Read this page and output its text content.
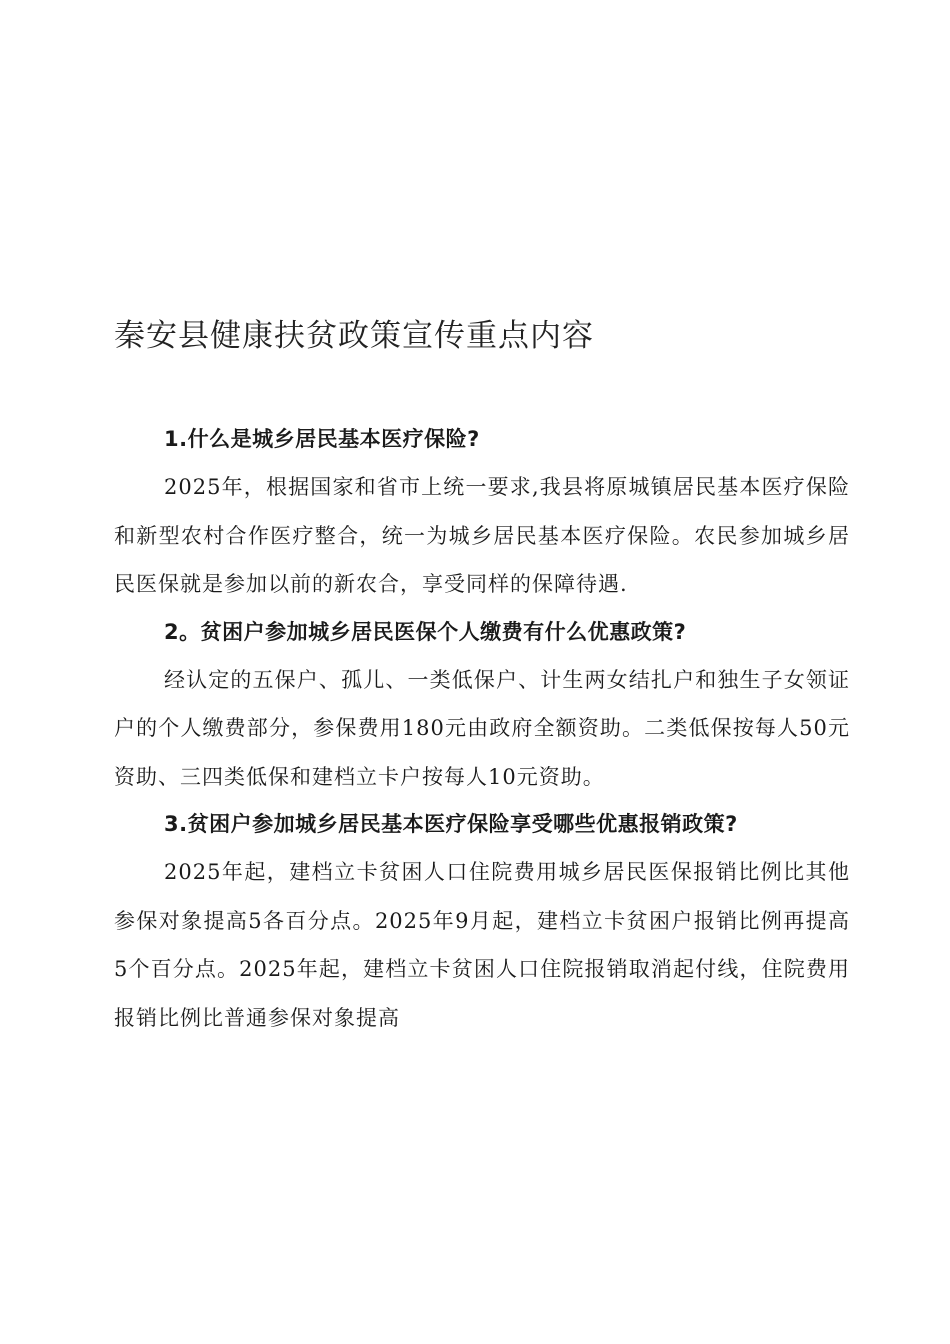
秦安县健康扶贫政策宣传重点内容

1.什么是城乡居民基本医疗保险?

2025年，根据国家和省市上统一要求,我县将原城镇居民基本医疗保险和新型农村合作医疗整合，统一为城乡居民基本医疗保险。农民参加城乡居民医保就是参加以前的新农合，享受同样的保障待遇.

2。贫困户参加城乡居民医保个人缴费有什么优惠政策?

经认定的五保户、孤儿、一类低保户、计生两女结扎户和独生子女领证户的个人缴费部分，参保费用180元由政府全额资助。二类低保按每人50元资助、三四类低保和建档立卡户按每人10元资助。

3.贫困户参加城乡居民基本医疗保险享受哪些优惠报销政策?

2025年起，建档立卡贫困人口住院费用城乡居民医保报销比例比其他参保对象提高5各百分点。2025年9月起，建档立卡贫困户报销比例再提高5个百分点。2025年起，建档立卡贫困人口住院报销取消起付线，住院费用报销比例比普通参保对象提高
